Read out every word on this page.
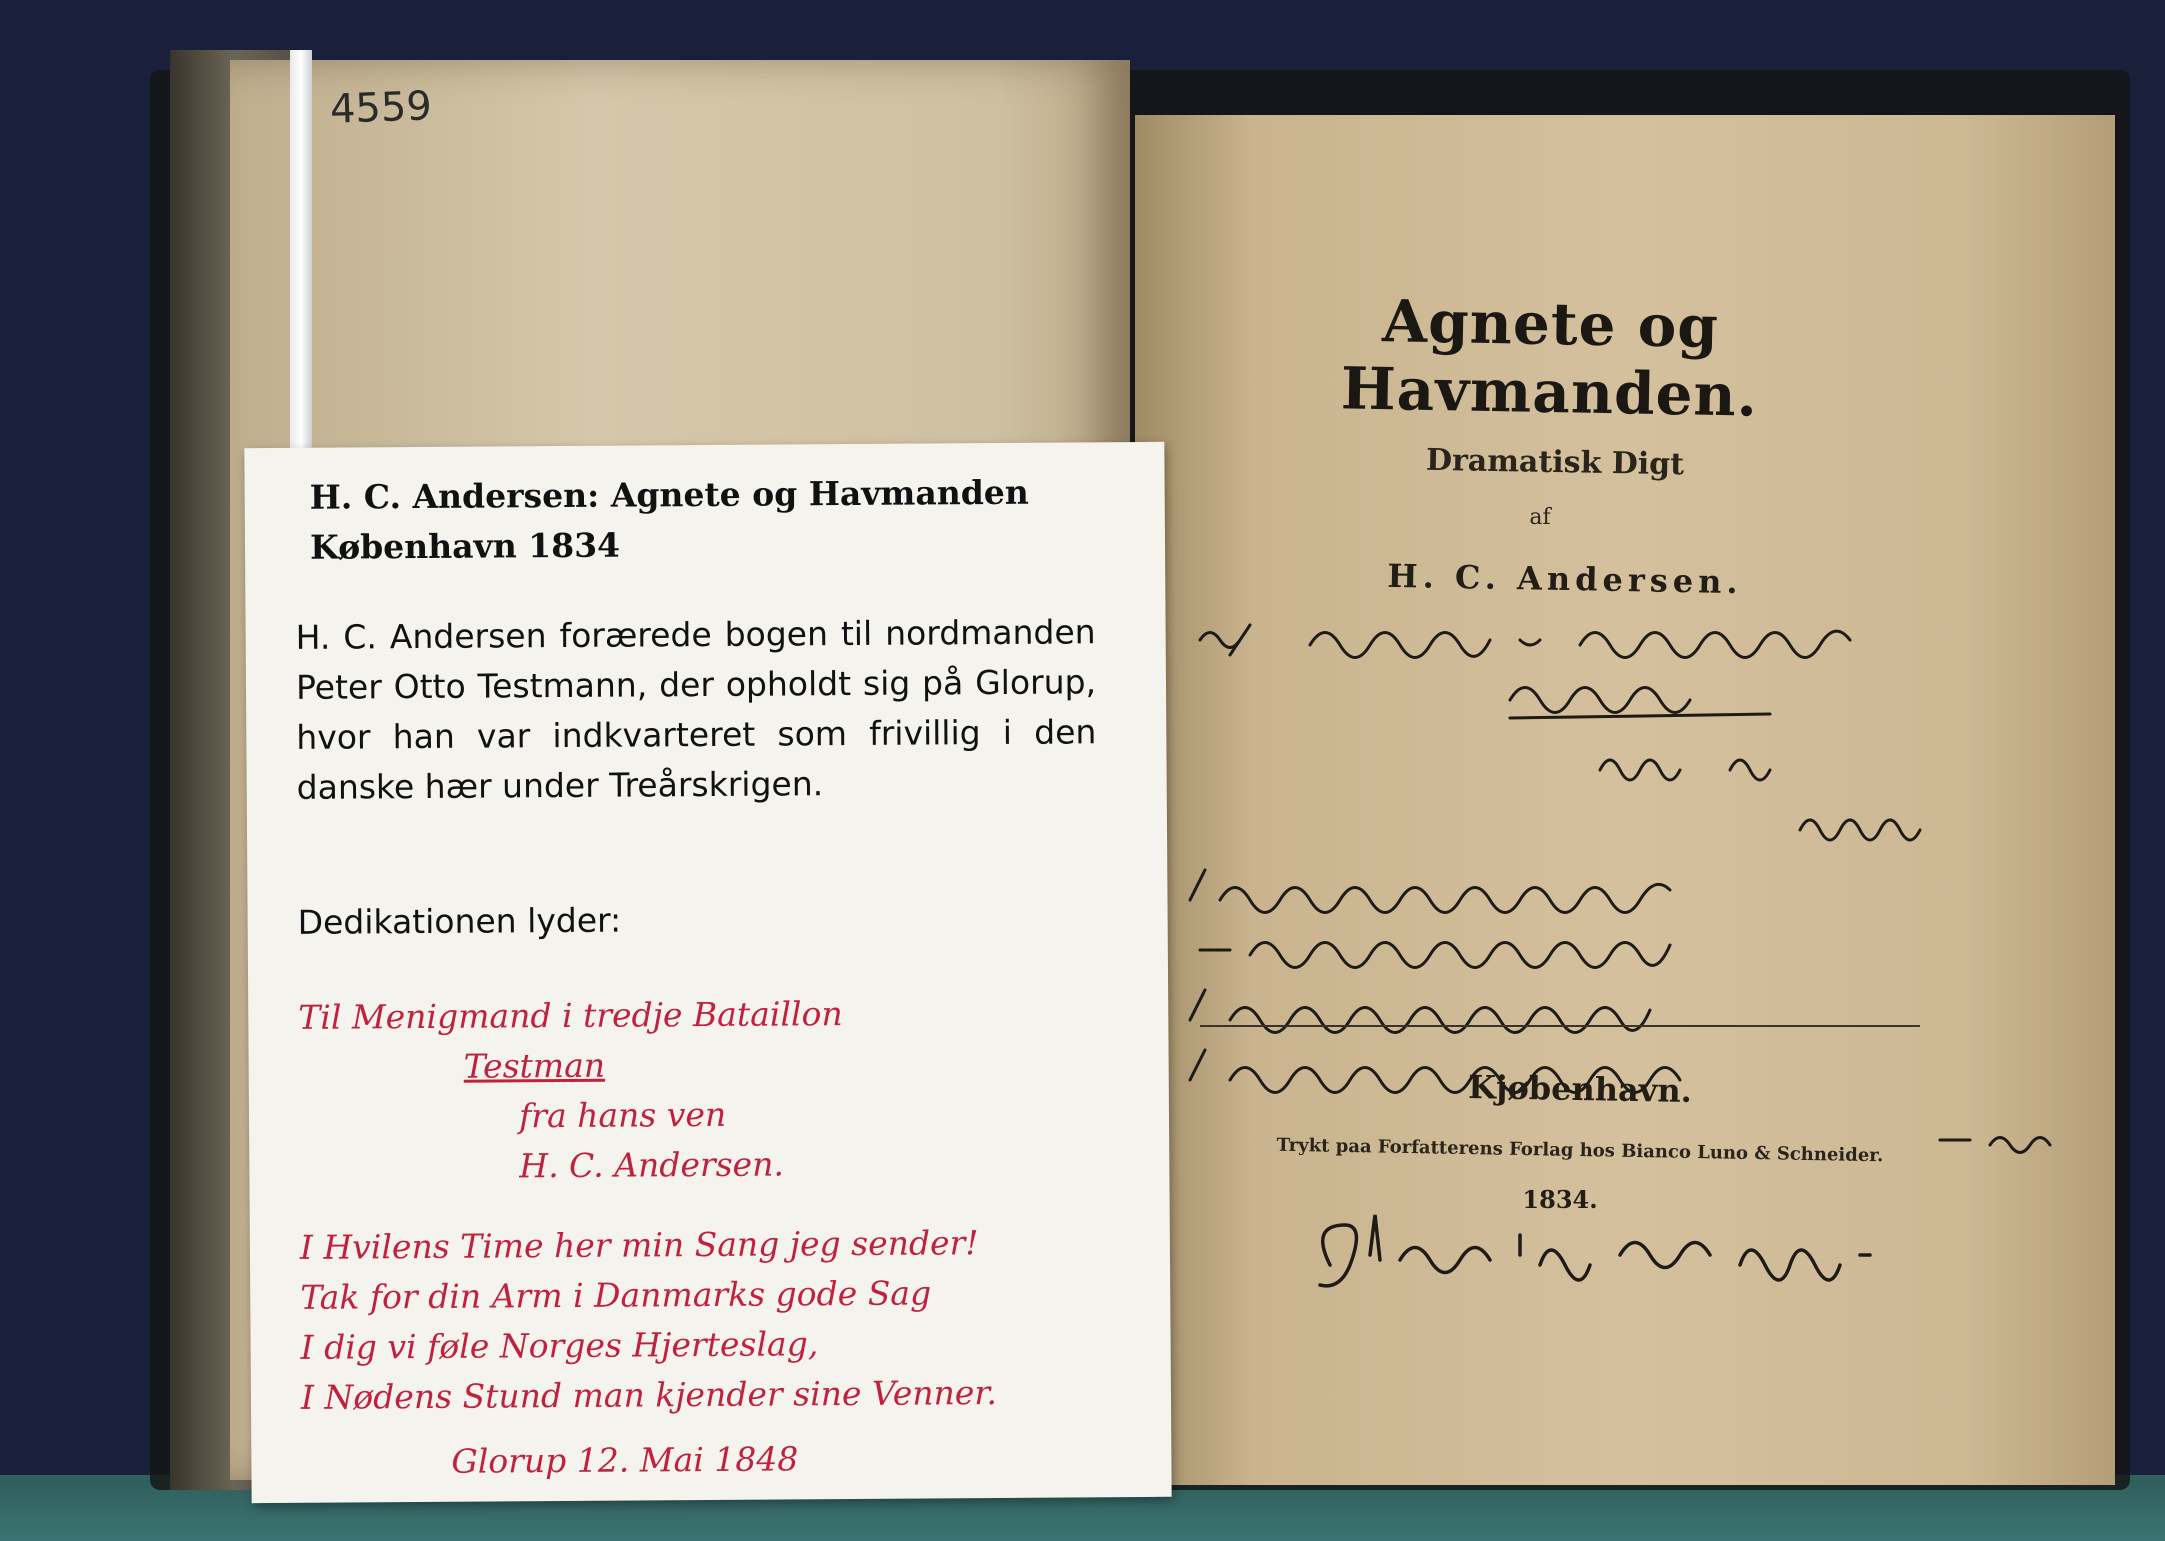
4559
Agnete og Havmanden.
Dramatisk Digt
af
H. C. Andersen.
Kjøbenhavn.
Trykt paa Forfatterens Forlag hos Bianco Luno & Schneider.
1834.
H. C. Andersen: Agnete og Havmanden
København 1834
H. C. Andersen forærede bogen til nordmanden Peter Otto Testmann, der opholdt sig på Glorup, hvor han var indkvarteret som frivillig i den danske hær under Treårskrigen.
Dedikationen lyder:
Til Menigmand i tredje Bataillon
Testman
fra hans ven
H. C. Andersen.
I Hvilens Time her min Sang jeg sender!
Tak for din Arm i Danmarks gode Sag
I dig vi føle Norges Hjerteslag,
I Nødens Stund man kjender sine Venner.
Glorup 12. Mai 1848
